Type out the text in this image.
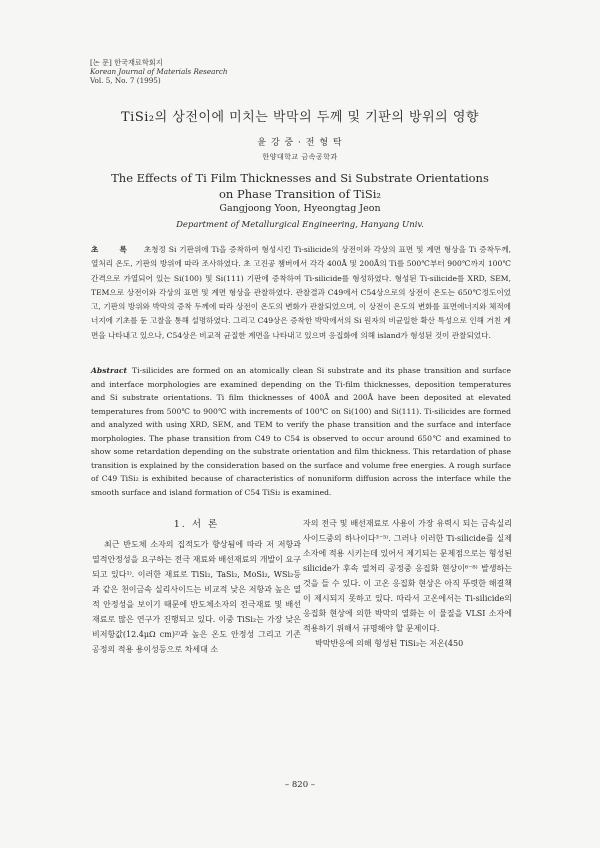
[논 문] 한국재료학회지
Korean Journal of Materials Research
Vol. 5, No. 7 (1995)
TiSi₂의 상전이에 미치는 박막의 두께 및 기판의 방위의 영향
윤 강 중 · 전 형 탁
한양대학교 금속공학과
The Effects of Ti Film Thicknesses and Si Substrate Orientations
on Phase Transition of TiSi₂
Gangjoong Yoon, Hyeongtag Jeon
Department of Metallurgical Engineering, Hanyang Univ.
초 록 초청정 Si 기판위에 Ti을 증착하여 형성시킨 Ti-silicide의 상전이와 각상의 표면 및 계면 형상을 Ti 증착두께, 열처리 온도, 기판의 방위에 따라 조사하였다. 초 고진공 챔버에서 각각 400Å 및 200Å의 Ti를 500℃부터 900℃까지 100℃간격으로 가열되어 있는 Si(100) 및 Si(111) 기판에 증착하여 Ti-silicide를 형성하였다. 형성된 Ti-silicide를 XRD, SEM, TEM으로 상전이와 각상의 표면 및 계면 형상을 관찰하였다. 관찰결과 C49에서 C54상으로의 상전이 온도는 650℃정도이었고, 기판의 방위와 박막의 증착 두께에 따라 상전이 온도의 변화가 관찰되었으며, 이 상전이 온도의 변화를 표면에너지와 체적에너지에 기초를 둔 고찰을 통해 설명하였다. 그리고 C49상은 증착한 박막에서의 Si 원자의 비균일한 확산 특성으로 인해 거친 계면을 나타내고 있으나, C54상은 비교적 균질한 계면을 나타내고 있으며 응집화에 의해 island가 형성된 것이 관찰되었다.
Abstract Ti-silicides are formed on an atomically clean Si substrate and its phase transition and surface and interface morphologies are examined depending on the Ti-film thicknesses, deposition temperatures and Si substrate orientations. Ti film thicknesses of 400Å and 200Å have been deposited at elevated temperatures from 500℃ to 900℃ with increments of 100℃ on Si(100) and Si(111). Ti-silicides are formed and analyzed with using XRD, SEM, and TEM to verify the phase transition and the surface and interface morphologies. The phase transition from C49 to C54 is observed to occur around 650℃ and examined to show some retardation depending on the substrate orientation and film thickness. This retardation of phase transition is explained by the consideration based on the surface and volume free energies. A rough surface of C49 TiSi₂ is exhibited because of characteristics of nonuniform diffusion across the interface while the smooth surface and island formation of C54 TiSi₂ is examined.
1. 서 론

최근 반도체 소자의 집적도가 향상됨에 따라 저 저항과 열적안정성을 요구하는 전극 재료와 배선재료의 개발이 요구되고 있다¹⁾. 이러한 재료로 TiSi₂, TaSi₂, MoSi₂, WSi₂등과 같은 천이금속 실리사이드는 비교적 낮은 저항과 높은 열적 안정성을 보이기 때문에 반도체소자의 전극재료 및 배선재료로 많은 연구가 진행되고 있다. 이중 TiSi₂는 가장 낮은 비저항값(12.4μΩ cm)²⁾과 높은 온도 안정성 그리고 기존 공정의 적용 용이성등으로 차세대 소

자의 전극 및 배선재료로 사용이 가장 유력시 되는 금속실리사이드중의 하나이다³⁻⁵⁾. 그러나 이러한 Ti-silicide를 실제 소자에 적용 시키는데 있어서 제기되는 문제점으로는 형성된 silicide가 후속 열처리 공정중 응집화 현상이⁶⁻⁸⁾ 발생하는 것을 들 수 있다. 이 고온 응집화 현상은 아직 뚜렷한 해결책이 제시되지 못하고 있다. 따라서 고온에서는 Ti-silicide의 응집화 현상에 의한 박막의 열화는 이 물질을 VLSI 소자에 적용하기 위해서 규명해야 할 문제이다.

박막반응에 의해 형성된 TiSi₂는 저온(450

– 820 –
